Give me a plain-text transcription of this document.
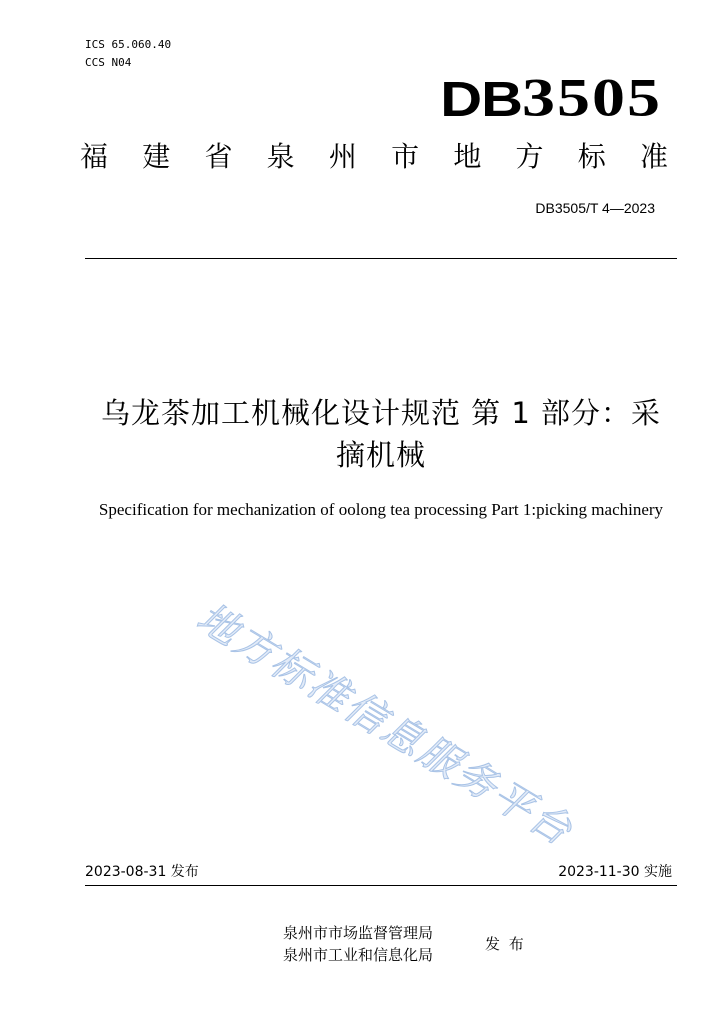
ICS 65.060.40
CCS N04
DB3505
福 建 省 泉 州 市 地 方 标 准
DB3505/T 4—2023
乌龙茶加工机械化设计规范 第 1 部分：采
摘机械
Specification for mechanization of oolong tea processing Part 1:picking machinery
地方标准信息服务平台
2023-08-31 发布	2023-11-30 实施
泉州市市场监督管理局
泉州市工业和信息化局
发 布
